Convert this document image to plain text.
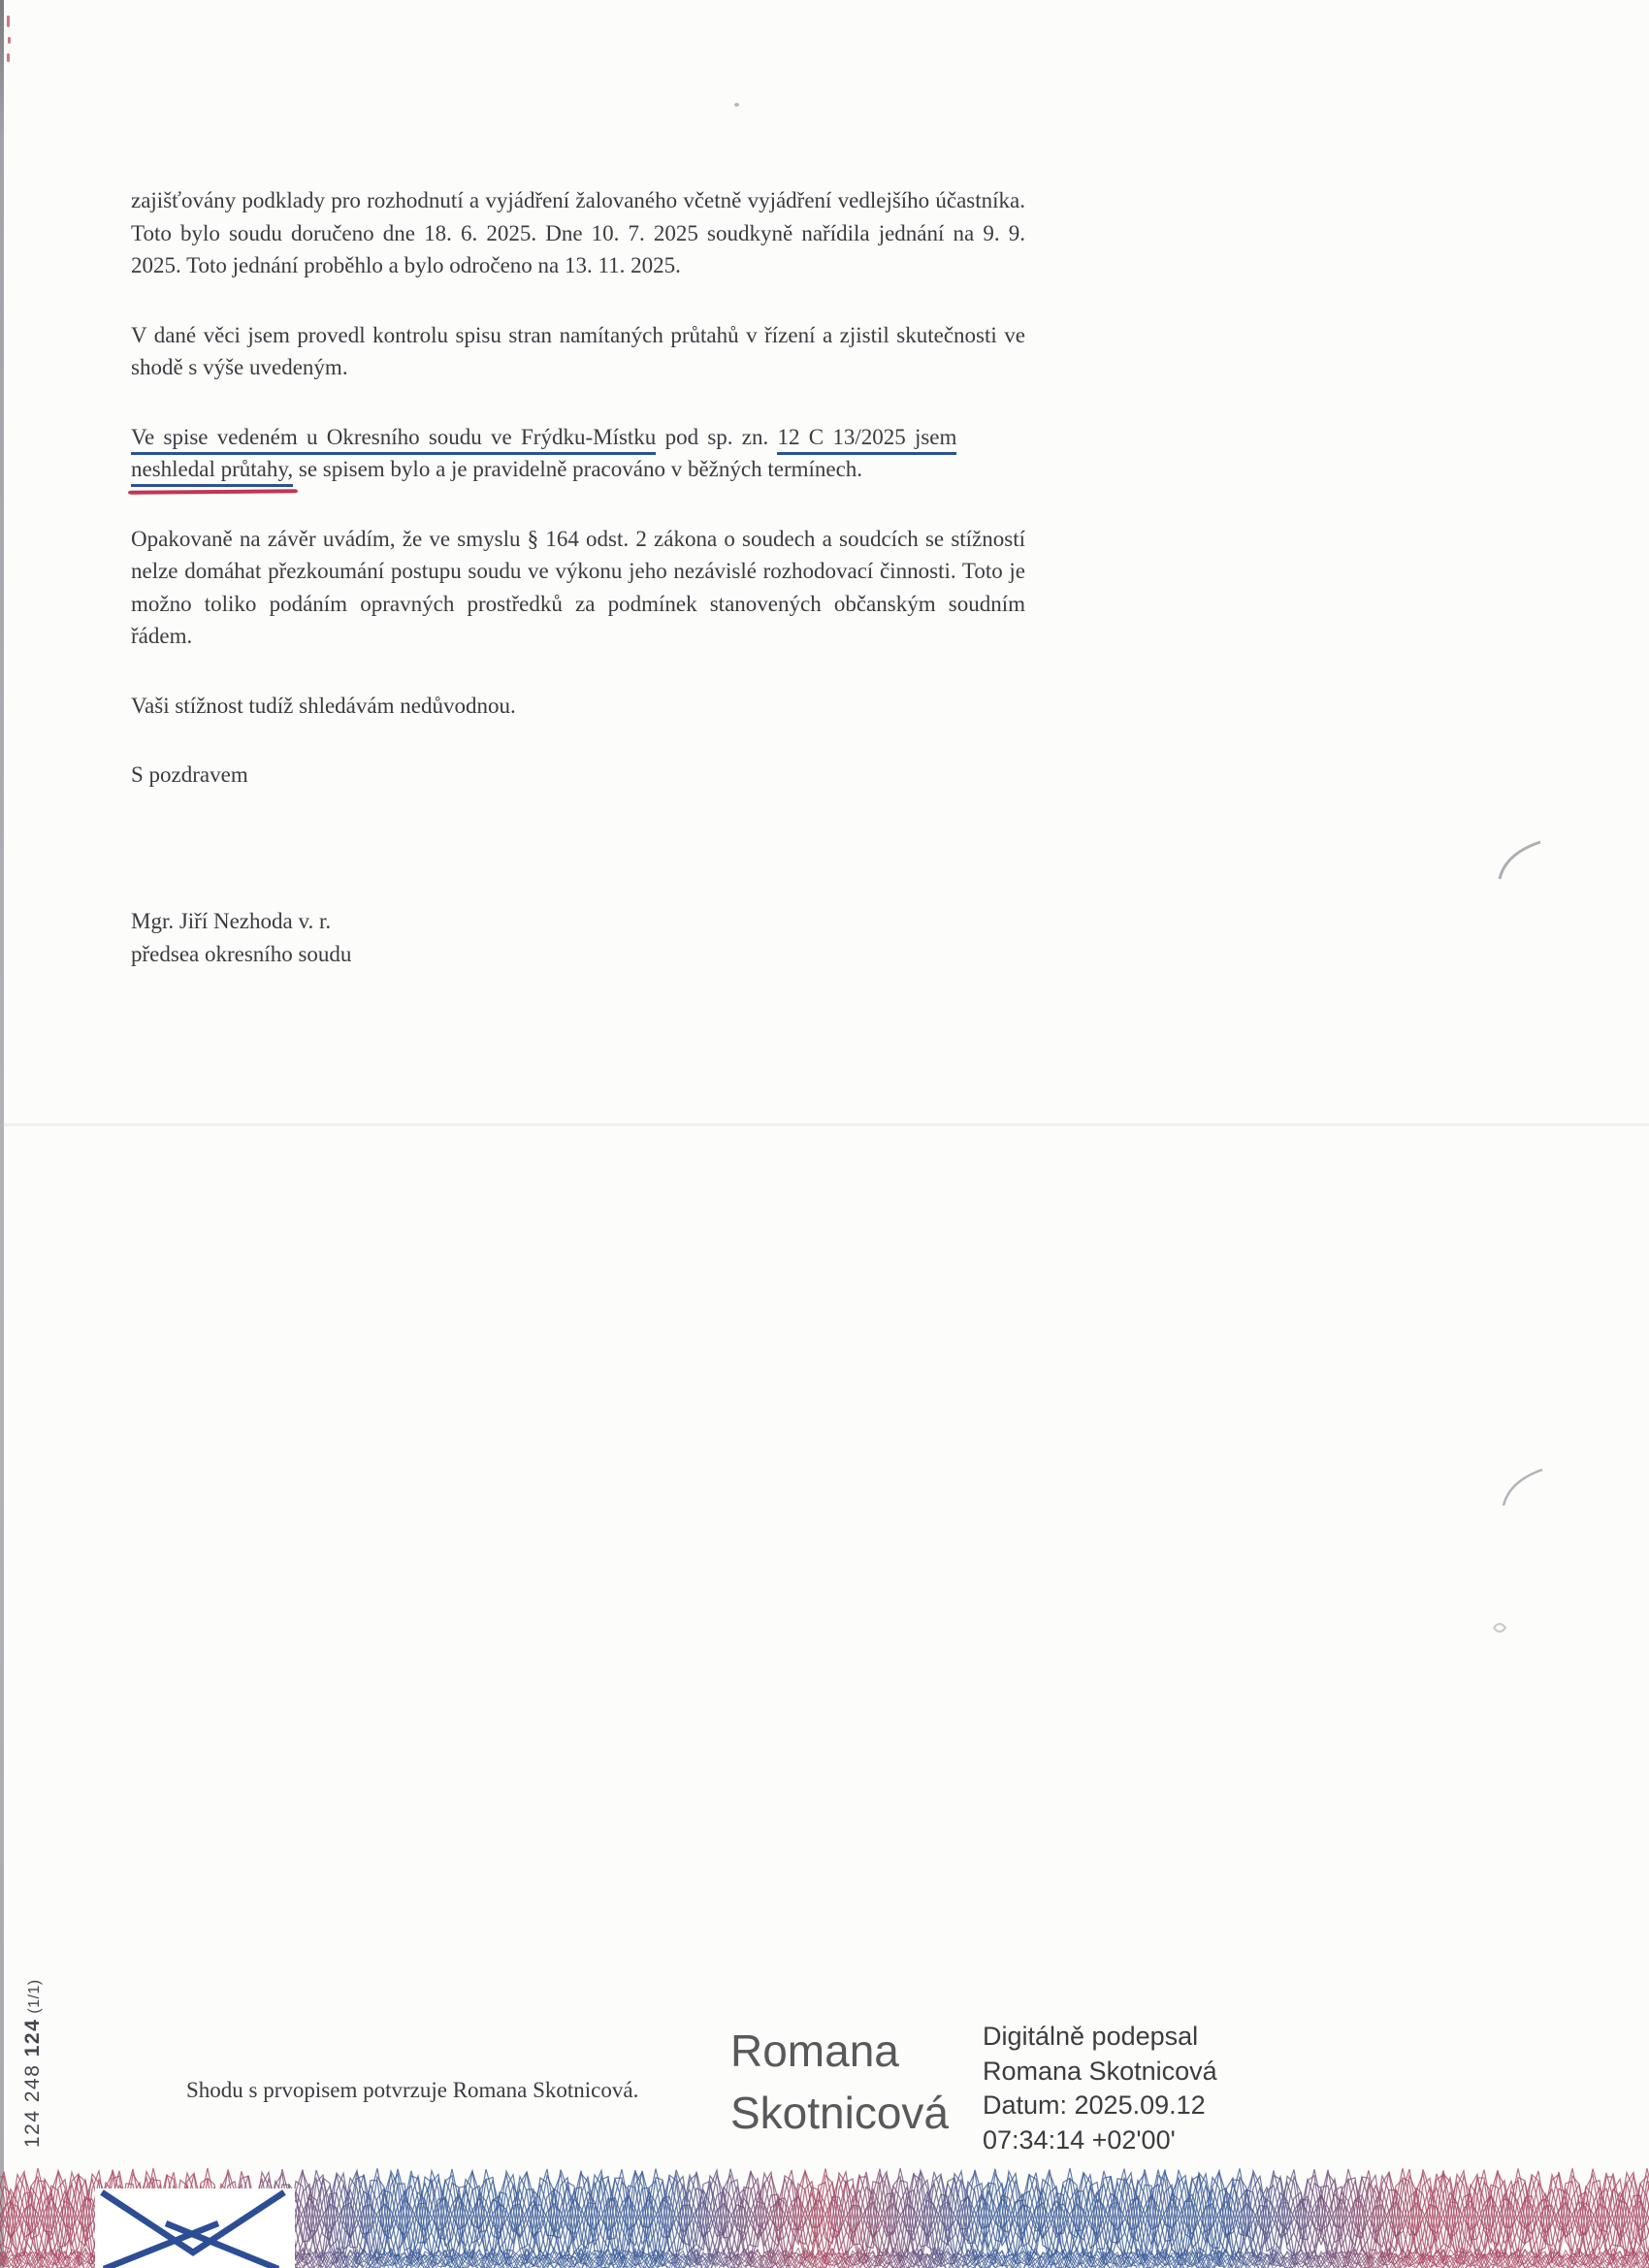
zajišťovány podklady pro rozhodnutí a vyjádření žalovaného včetně vyjádření vedlejšího účastníka. Toto bylo soudu doručeno dne 18. 6. 2025. Dne 10. 7. 2025 soudkyně nařídila jednání na 9. 9. 2025. Toto jednání proběhlo a bylo odročeno na 13. 11. 2025.

V dané věci jsem provedl kontrolu spisu stran namítaných průtahů v řízení a zjistil skutečnosti ve shodě s výše uvedeným.

Ve spise vedeném u Okresního soudu ve Frýdku-Místku pod sp. zn. 12 C 13/2025 jsem
neshledal průtahy, se spisem bylo a je pravidelně pracováno v běžných termínech.

Opakovaně na závěr uvádím, že ve smyslu § 164 odst. 2 zákona o soudech a soudcích se stížností nelze domáhat přezkoumání postupu soudu ve výkonu jeho nezávislé rozhodovací činnosti. Toto je možno toliko podáním opravných prostředků za podmínek stanovených občanským soudním řádem.

Vaši stížnost tudíž shledávám nedůvodnou.

S pozdravem

Mgr. Jiří Nezhoda v. r.
předsea okresního soudu
124 248 124 (1/1)
Shodu s prvopisem potvrzuje Romana Skotnicová.
Romana
Skotnicová
Digitálně podepsal
Romana Skotnicová
Datum: 2025.09.12
07:34:14 +02'00'
